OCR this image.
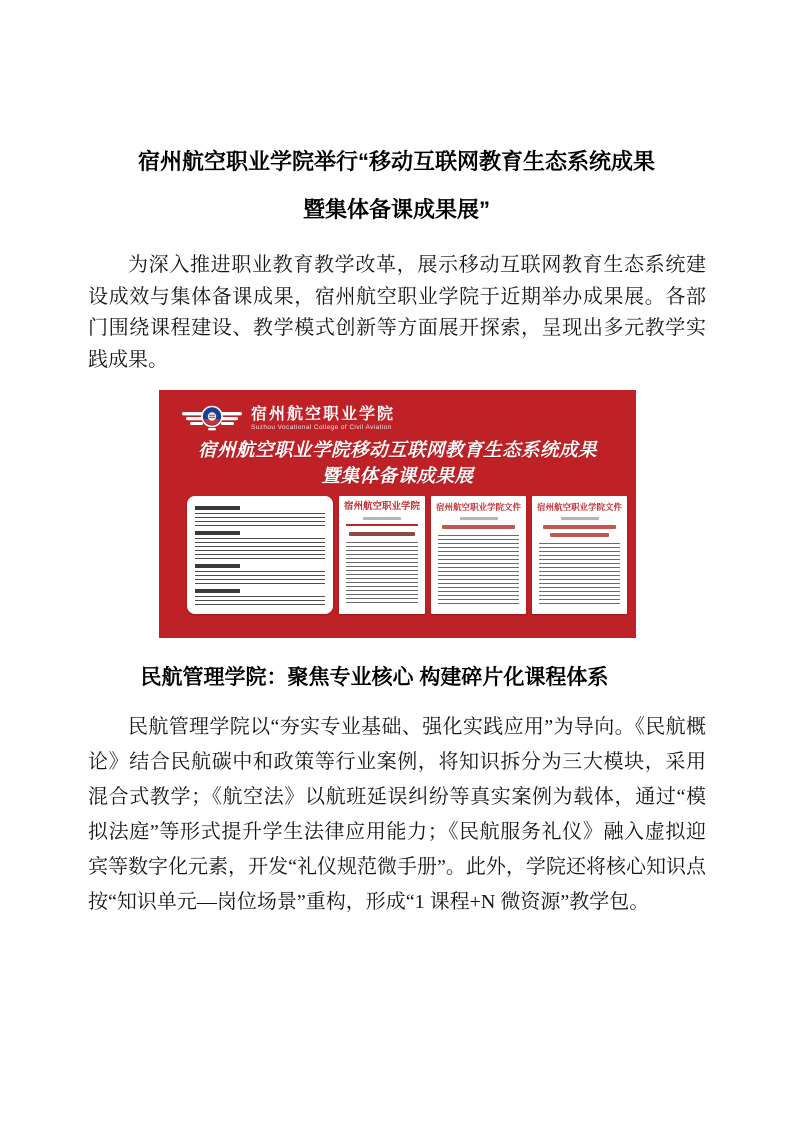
宿州航空职业学院举行“移动互联网教育生态系统成果
暨集体备课成果展”

为深入推进职业教育教学改革，展示移动互联网教育生态系统建设成效与集体备课成果，宿州航空职业学院于近期举办成果展。各部门围绕课程建设、教学模式创新等方面展开探索，呈现出多元教学实践成果。

宿州航空职业学院
Suzhou Vocational College of Civil Aviation
宿州航空职业学院移动互联网教育生态系统成果
暨集体备课成果展
宿州航空职业学院 宿州航空职业学院文件 宿州航空职业学院文件
民航管理学院：聚焦专业核心 构建碎片化课程体系

民航管理学院以“夯实专业基础、强化实践应用”为导向。《民航概论》结合民航碳中和政策等行业案例，将知识拆分为三大模块，采用混合式教学；《航空法》以航班延误纠纷等真实案例为载体，通过“模拟法庭”等形式提升学生法律应用能力；《民航服务礼仪》融入虚拟迎宾等数字化元素，开发“礼仪规范微手册”。此外，学院还将核心知识点按“知识单元—岗位场景”重构，形成“1 课程+N 微资源”教学包。
